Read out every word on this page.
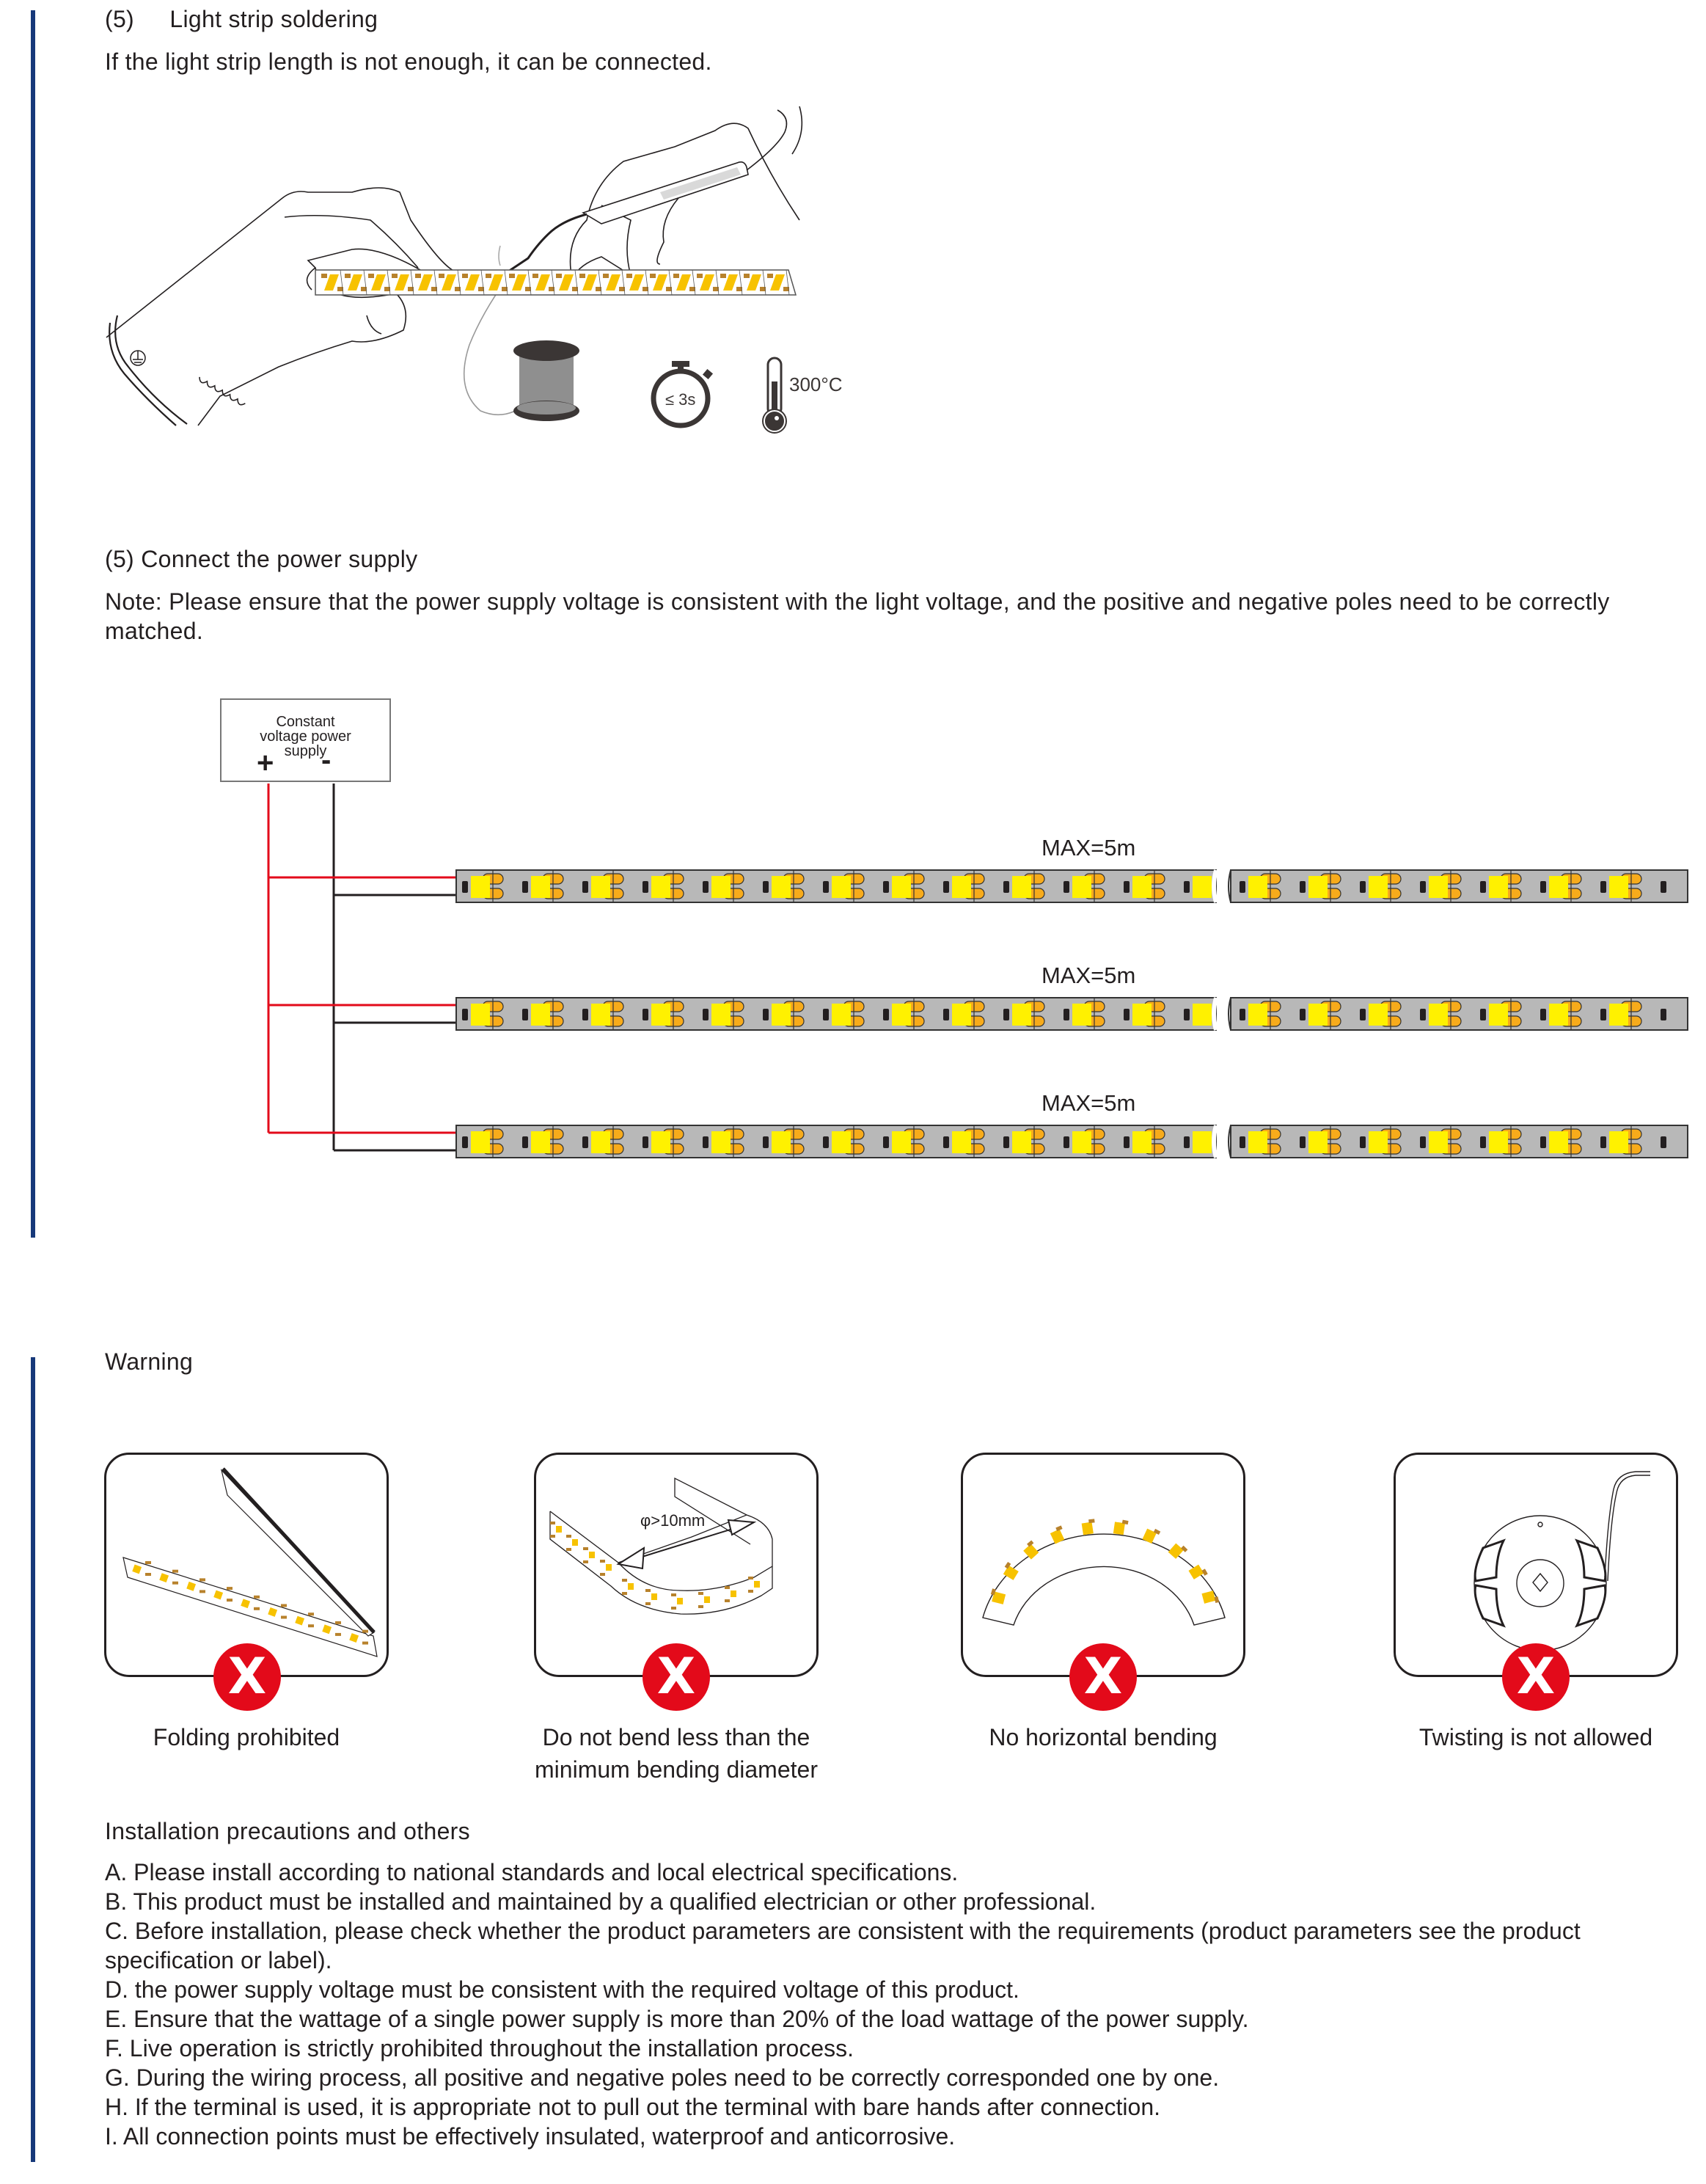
(5) Light strip soldering
If the light strip length is not enough, it can be connected.
≤ 3s
300°C
(5) Connect the power supply
Note: Please ensure that the power supply voltage is consistent with the light voltage, and the positive and negative poles need to be correctly matched.
Constant voltage power supply
+ -
MAX=5m
MAX=5m
MAX=5m
Warning
X
Folding prohibited
φ>10mm
X
Do not bend less than the
minimum bending diameter
X
No horizontal bending
X
Twisting is not allowed
Installation precautions and others
A. Please install according to national standards and local electrical specifications.
B. This product must be installed and maintained by a qualified electrician or other professional.
C. Before installation, please check whether the product parameters are consistent with the requirements (product parameters see the product specification or label).
D. the power supply voltage must be consistent with the required voltage of this product.
E. Ensure that the wattage of a single power supply is more than 20% of the load wattage of the power supply.
F. Live operation is strictly prohibited throughout the installation process.
G. During the wiring process, all positive and negative poles need to be correctly corresponded one by one.
H. If the terminal is used, it is appropriate not to pull out the terminal with bare hands after connection.
I. All connection points must be effectively insulated, waterproof and anticorrosive.
